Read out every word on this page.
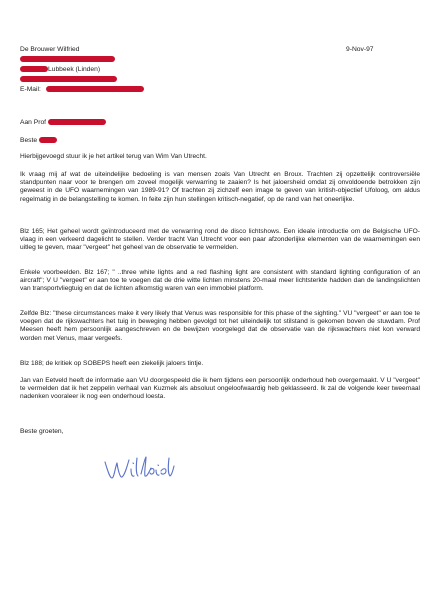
De Brouwer Wilfried	9-Nov-97
Lubbeek (Linden)
E-Mail:
Aan Prof
Beste

Hierbijgevoegd stuur ik je het artikel terug van Wim Van Utrecht.

Ik vraag mij af wat de uiteindelijke bedoeling is van mensen zoals Van Utrecht en Broux. Trachten zij opzettelijk controversiële standpunten naar voor te brengen om zoveel mogelijk verwarring te zaaien? Is het jaloersheid omdat zij onvoldoende betrokken zijn geweest in de UFO waarnemingen van 1989-91? Of trachten zij zichzelf een image te geven van kritish-objectief Ufoloog, om aldus regelmatig in de belangstelling te komen. In feite zijn hun stellingen kritisch-negatief, op de rand van het oneerlijke.

Blz 165; Het geheel wordt geïntroduceerd met de verwarring rond de disco lichtshows. Een ideale introductie om de Belgische UFO-vlaag in een verkeerd dagelicht te stellen. Verder tracht Van Utrecht voor een paar afzonderlijke elementen van de waarnemingen een uitleg te geven, maar "vergeet" het geheel van de observatie te vermelden.

Enkele voorbeelden. Blz 167; " ..three white lights and a red flashing light are consistent with standard lighting configuration of an aircraft"; V U "vergeet" er aan toe te voegen dat de drie witte lichten minstens 20-maal meer lichtsterkte hadden dan de landingslichten van transportvliegtuig en dat de lichten afkomstig waren van een immobiel platform.

Zelfde Blz: "these circumstances make it very likely that Venus was responsible for this phase of the sighting." VU "vergeet" er aan toe te voegen dat de rijkswachters het tuig in beweging hebben gevolgd tot het uiteindelijk tot stilstand is gekomen boven de stuwdam. Prof Meesen heeft hem persoonlijk aangeschreven en de bewijzen voorgelegd dat de observatie van de rijkswachters niet kon verward worden met Venus, maar vergeefs.

Blz 188; de kritiek op SOBEPS heeft een ziekelijk jaloers tintje.

Jan van Eetveld heeft de informatie aan VU doorgespeeld die ik hem tijdens een persoonlijk onderhoud heb overgemaakt. V U "vergeet" te vermelden dat ik het zeppelin verhaal van Kuzmek als absoluut ongeloofwaardig heb geklasseerd. Ik zal de volgende keer tweemaal nadenken vooraleer ik nog een onderhoud loesta.

Beste groeten,
